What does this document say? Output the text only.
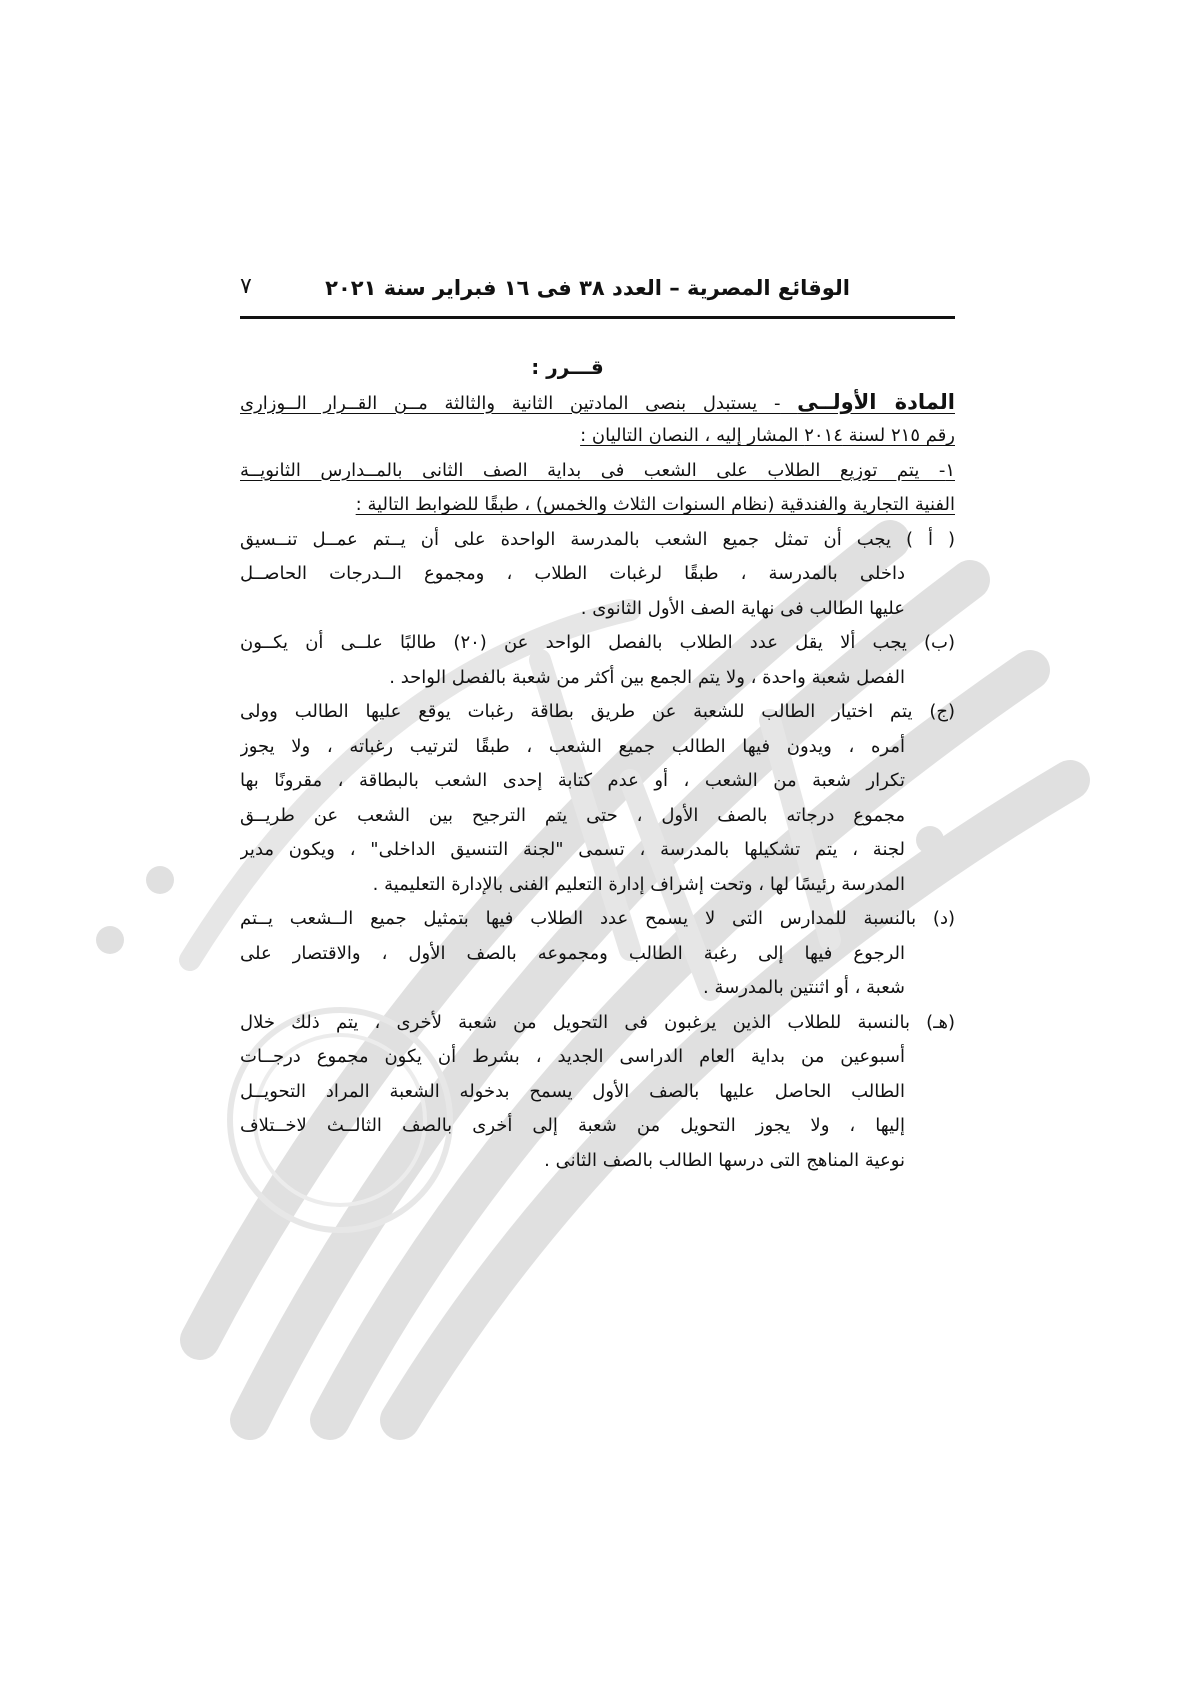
الوقائع المصرية – العدد ٣٨ فى ١٦ فبراير سنة ٢٠٢١
٧
قـــرر :
المادة الأولــى - يستبدل بنصى المادتين الثانية والثالثة مــن القــرار الــوزارى
رقم ٢١٥ لسنة ٢٠١٤ المشار إليه ، النصان التاليان :
١- يتم توزيع الطلاب على الشعب فى بداية الصف الثانى بالمــدارس الثانويــة
الفنية التجارية والفندقية (نظام السنوات الثلاث والخمس) ، طبقًا للضوابط التالية :
( أ ) يجب أن تمثل جميع الشعب بالمدرسة الواحدة على أن يــتم عمــل تنــسيق
داخلى بالمدرسة ، طبقًا لرغبات الطلاب ، ومجموع الــدرجات الحاصــل
عليها الطالب فى نهاية الصف الأول الثانوى .
(ب) يجب ألا يقل عدد الطلاب بالفصل الواحد عن (٢٠) طالبًا علــى أن يكــون
الفصل شعبة واحدة ، ولا يتم الجمع بين أكثر من شعبة بالفصل الواحد .
(ج) يتم اختيار الطالب للشعبة عن طريق بطاقة رغبات يوقع عليها الطالب وولى
أمره ، ويدون فيها الطالب جميع الشعب ، طبقًا لترتيب رغباته ، ولا يجوز
تكرار شعبة من الشعب ، أو عدم كتابة إحدى الشعب بالبطاقة ، مقرونًا بها
مجموع درجاته بالصف الأول ، حتى يتم الترجيح بين الشعب عن طريــق
لجنة ، يتم تشكيلها بالمدرسة ، تسمى "لجنة التنسيق الداخلى" ، ويكون مدير
المدرسة رئيسًا لها ، وتحت إشراف إدارة التعليم الفنى بالإدارة التعليمية .
(د) بالنسبة للمدارس التى لا يسمح عدد الطلاب فيها بتمثيل جميع الــشعب يــتم
الرجوع فيها إلى رغبة الطالب ومجموعه بالصف الأول ، والاقتصار على
شعبة ، أو اثنتين بالمدرسة .
(هـ) بالنسبة للطلاب الذين يرغبون فى التحويل من شعبة لأخرى ، يتم ذلك خلال
أسبوعين من بداية العام الدراسى الجديد ، بشرط أن يكون مجموع درجــات
الطالب الحاصل عليها بالصف الأول يسمح بدخوله الشعبة المراد التحويــل
إليها ، ولا يجوز التحويل من شعبة إلى أخرى بالصف الثالــث لاخــتلاف
نوعية المناهج التى درسها الطالب بالصف الثانى .
